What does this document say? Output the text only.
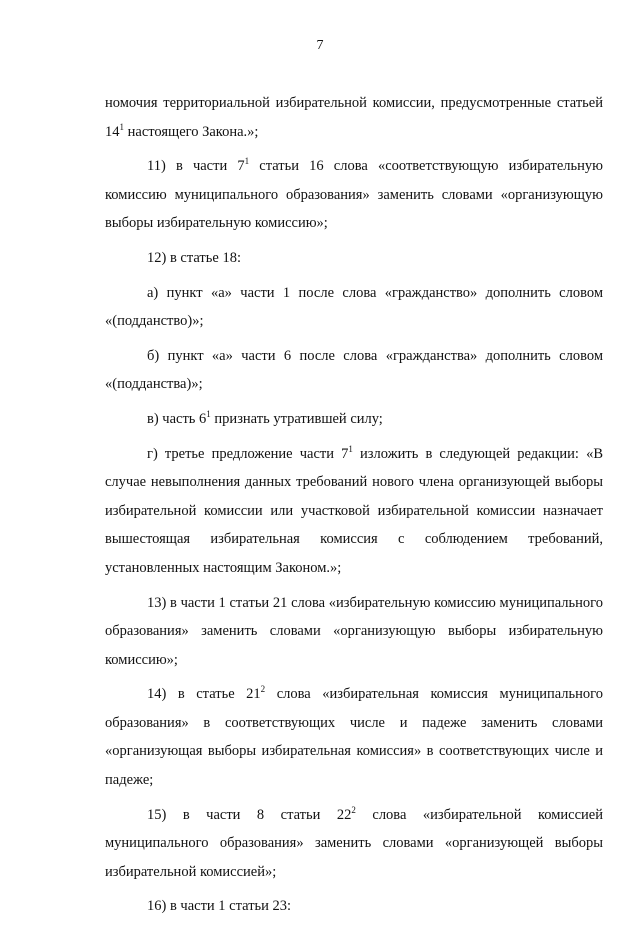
7

номочия территориальной избирательной комиссии, предусмотренные статьей $14^1$ настоящего Закона.»;

11) в части $7^1$ статьи 16 слова «соответствующую избирательную комиссию муниципального образования» заменить словами «организующую выборы избирательную комиссию»;

12) в статье 18:

а) пункт «а» части 1 после слова «гражданство» дополнить словом «(подданство)»;

б) пункт «а» части 6 после слова «гражданства» дополнить словом «(подданства)»;

в) часть $6^1$ признать утратившей силу;

г) третье предложение части $7^1$ изложить в следующей редакции: «В случае невыполнения данных требований нового члена организующей выборы избирательной комиссии или участковой избирательной комиссии назначает вышестоящая избирательная комиссия с соблюдением требований, установленных настоящим Законом.»;

13) в части 1 статьи 21 слова «избирательную комиссию муниципального образования» заменить словами «организующую выборы избирательную комиссию»;

14) в статье $21^2$ слова «избирательная комиссия муниципального образования» в соответствующих числе и падеже заменить словами «организующая выборы избирательная комиссия» в соответствующих числе и падеже;

15) в части 8 статьи $22^2$ слова «избирательной комиссией муниципального образования» заменить словами «организующей выборы избирательной комиссией»;

16) в части 1 статьи 23:
